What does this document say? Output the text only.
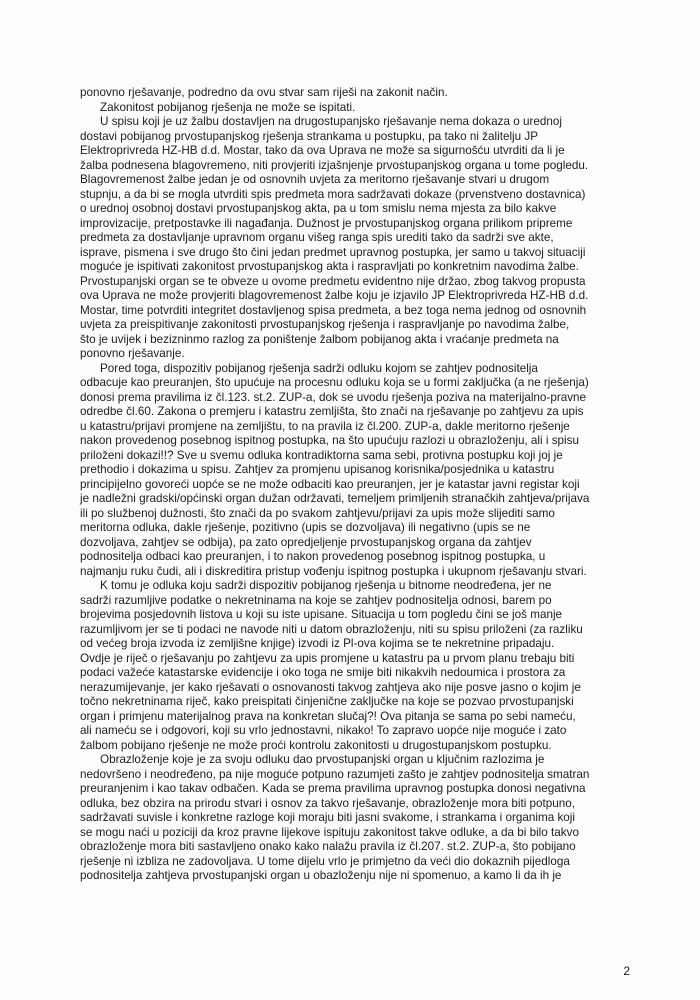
ponovno rješavanje, podredno da ovu stvar sam riješi na zakonit način.
Zakonitost pobijanog rješenja ne može se ispitati.
U spisu koji je uz žalbu dostavljen na drugostupanjsko rješavanje nema dokaza o urednoj
dostavi pobijanog prvostupanjskog rješenja strankama u postupku, pa tako ni žalitelju JP
Elektroprivreda HZ-HB d.d. Mostar, tako da ova Uprava ne može sa sigurnošću utvrditi da li je
žalba podnesena blagovremeno, niti provjeriti izjašnjenje prvostupanjskog organa u tome pogledu.
Blagovremenost žalbe jedan je od osnovnih uvjeta za meritorno rješavanje stvari u drugom
stupnju, a da bi se mogla utvrditi spis predmeta mora sadržavati dokaze (prvenstveno dostavnica)
o urednoj osobnoj dostavi prvostupanjskog akta, pa u tom smislu nema mjesta za bilo kakve
improvizacije, pretpostavke ili nagađanja. Dužnost je prvostupanjskog organa prilikom pripreme
predmeta za dostavljanje upravnom organu višeg ranga spis urediti tako da sadrži sve akte,
isprave, pismena i sve drugo što čini jedan predmet upravnog postupka, jer samo u takvoj situaciji
moguće je ispitivati zakonitost prvostupanjskog akta i raspravljati po konkretnim navodima žalbe.
Prvostupanjski organ se te obveze u ovome predmetu evidentno nije držao, zbog takvog propusta
ova Uprava ne može provjeriti blagovremenost žalbe koju je izjavilo JP Elektroprivreda HZ-HB d.d.
Mostar, time potvrditi integritet dostavljenog spisa predmeta, a bez toga nema jednog od osnovnih
uvjeta za preispitivanje zakonitosti prvostupanjskog rješenja i raspravljanje po navodima žalbe,
što je uvijek i bezizninmo razlog za poništenje žalbom pobijanog akta i vraćanje predmeta na
ponovno rješavanje.
Pored toga, dispozitiv pobijanog rješenja sadrži odluku kojom se zahtjev podnositelja
odbacuje kao preuranjen, što upućuje na procesnu odluku koja se u formi zaključka (a ne rješenja)
donosi prema pravilima iz čl.123. st.2. ZUP-a, dok se uvodu rješenja poziva na materijalno-pravne
odredbe čl.60. Zakona o premjeru i katastru zemljišta, što znači na rješavanje po zahtjevu za upis
u katastru/prijavi promjene na zemljištu, to na pravila iz čl.200. ZUP-a, dakle meritorno rješenje
nakon provedenog posebnog ispitnog postupka, na što upućuju razlozi u obrazloženju, ali i spisu
priloženi dokazi!!? Sve u svemu odluka kontradiktorna sama sebi, protivna postupku koji joj je
prethodio i dokazima u spisu. Zahtjev za promjenu upisanog korisnika/posjednika u katastru
principijelno govoreći uopće se ne može odbaciti kao preuranjen, jer je katastar javni registar koji
je nadležni gradski/općinski organ dužan održavati, temeljem primljenih stranačkih zahtjeva/prijava
ili po službenoj dužnosti, što znači da po svakom zahtjevu/prijavi za upis može slijediti samo
meritorna odluka, dakle rješenje, pozitivno (upis se dozvoljava) ili negativno (upis se ne
dozvoljava, zahtjev se odbija), pa zato opredjeljenje prvostupanjskog organa da zahtjev
podnositelja odbaci kao preuranjen, i to nakon provedenog posebnog ispitnog postupka, u
najmanju ruku čudi, ali i diskreditira pristup vođenju ispitnog postupka i ukupnom rješavanju stvari.
K tomu je odluka koju sadrži dispozitiv pobijanog rješenja u bitnome neodređena, jer ne
sadrži razumljive podatke o nekretninama na koje se zahtjev podnositelja odnosi, barem po
brojevima posjedovnih listova u koji su iste upisane. Situacija u tom pogledu čini se još manje
razumljivom jer se ti podaci ne navode niti u datom obrazloženju, niti su spisu priloženi (za razliku
od većeg broja izvoda iz zemljišne knjige) izvodi iz Pl-ova kojima se te nekretnine pripadaju.
Ovdje je riječ o rješavanju po zahtjevu za upis promjene u katastru pa u prvom planu trebaju biti
podaci važeće katastarske evidencije i oko toga ne smije biti nikakvih nedoumica i prostora za
nerazumijevanje, jer kako rješavati o osnovanosti takvog zahtjeva ako nije posve jasno o kojim je
točno nekretninama riječ, kako preispitati činjenične zaključke na koje se pozvao prvostupanjski
organ i primjenu materijalnog prava na konkretan slučaj?! Ova pitanja se sama po sebi nameću,
ali nameću se i odgovori, koji su vrlo jednostavni, nikako! To zapravo uopće nije moguće i zato
žalbom pobijano rješenje ne može proći kontrolu zakonitosti u drugostupanjskom postupku.
Obrazloženje koje je za svoju odluku dao prvostupanjski organ u ključnim razlozima je
nedovršeno i neodređeno, pa nije moguće potpuno razumjeti zašto je zahtjev podnositelja smatran
preuranjenim i kao takav odbačen. Kada se prema pravilima upravnog postupka donosi negativna
odluka, bez obzira na prirodu stvari i osnov za takvo rješavanje, obrazloženje mora biti potpuno,
sadržavati suvisle i konkretne razloge koji moraju biti jasni svakome, i strankama i organima koji
se mogu naći u poziciji da kroz pravne lijekove ispituju zakonitost takve odluke, a da bi bilo takvo
obrazloženje mora biti sastavljeno onako kako nalažu pravila iz čl.207. st.2. ZUP-a, što pobijano
rješenje ni izbliza ne zadovoljava. U tome dijelu vrlo je primjetno da veći dio dokaznih pijedloga
podnositelja zahtjeva prvostupanjski organ u obazloženju nije ni spomenuo, a kamo li da ih je
2
